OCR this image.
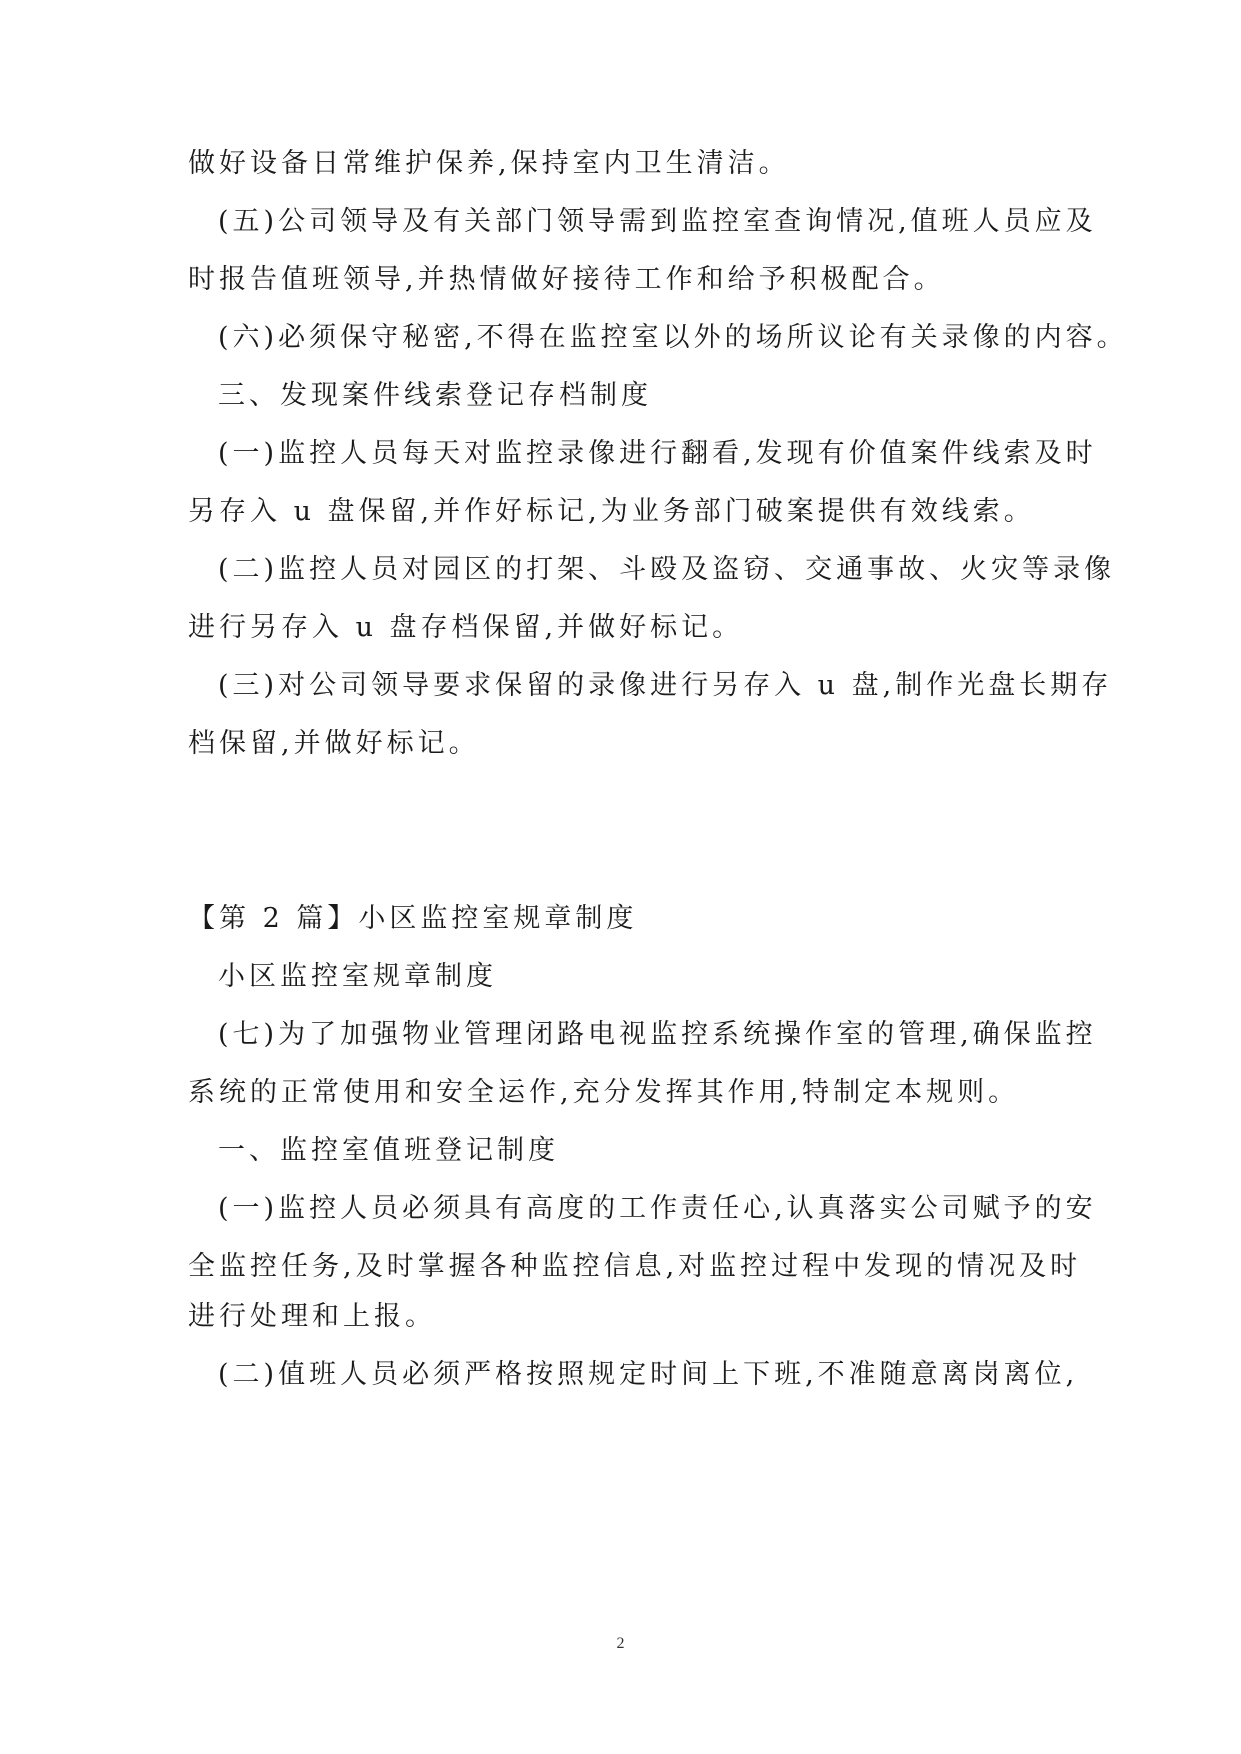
做好设备日常维护保养,保持室内卫生清洁。
(五)公司领导及有关部门领导需到监控室查询情况,值班人员应及
时报告值班领导,并热情做好接待工作和给予积极配合。
(六)必须保守秘密,不得在监控室以外的场所议论有关录像的内容。
三、发现案件线索登记存档制度
(一)监控人员每天对监控录像进行翻看,发现有价值案件线索及时
另存入 u 盘保留,并作好标记,为业务部门破案提供有效线索。
(二)监控人员对园区的打架、斗殴及盗窃、交通事故、火灾等录像
进行另存入 u 盘存档保留,并做好标记。
(三)对公司领导要求保留的录像进行另存入 u 盘,制作光盘长期存
档保留,并做好标记。
【第 2 篇】小区监控室规章制度
小区监控室规章制度
(七)为了加强物业管理闭路电视监控系统操作室的管理,确保监控
系统的正常使用和安全运作,充分发挥其作用,特制定本规则。
一、监控室值班登记制度
(一)监控人员必须具有高度的工作责任心,认真落实公司赋予的安
全监控任务,及时掌握各种监控信息,对监控过程中发现的情况及时
进行处理和上报。
(二)值班人员必须严格按照规定时间上下班,不准随意离岗离位,
2
